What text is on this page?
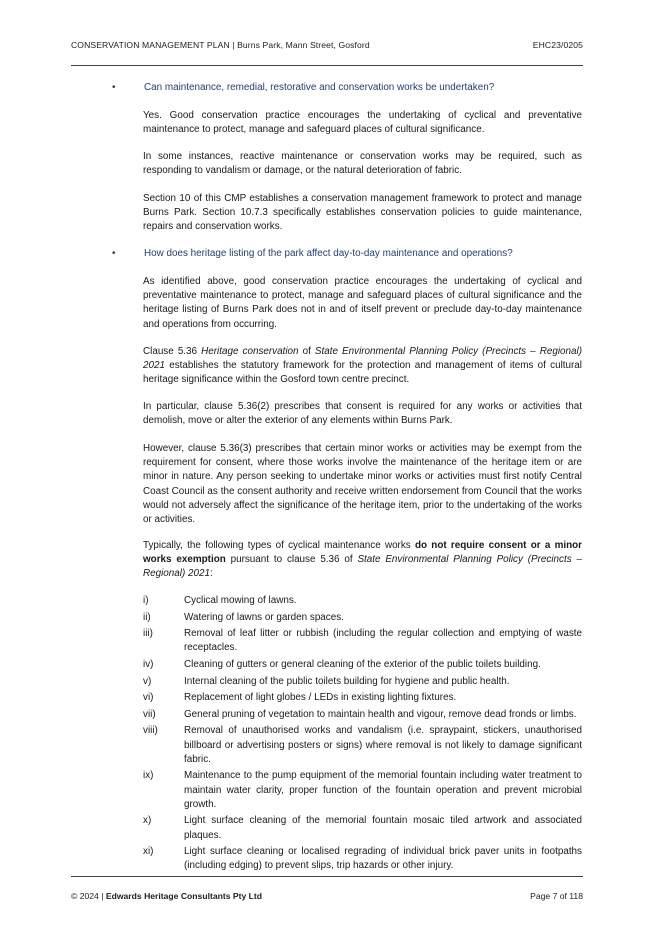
CONSERVATION MANAGEMENT PLAN | Burns Park, Mann Street, Gosford	EHC23/0205
•	Can maintenance, remedial, restorative and conservation works be undertaken?
Yes. Good conservation practice encourages the undertaking of cyclical and preventative maintenance to protect, manage and safeguard places of cultural significance.
In some instances, reactive maintenance or conservation works may be required, such as responding to vandalism or damage, or the natural deterioration of fabric.
Section 10 of this CMP establishes a conservation management framework to protect and manage Burns Park. Section 10.7.3 specifically establishes conservation policies to guide maintenance, repairs and conservation works.
•	How does heritage listing of the park affect day-to-day maintenance and operations?
As identified above, good conservation practice encourages the undertaking of cyclical and preventative maintenance to protect, manage and safeguard places of cultural significance and the heritage listing of Burns Park does not in and of itself prevent or preclude day-to-day maintenance and operations from occurring.
Clause 5.36 Heritage conservation of State Environmental Planning Policy (Precincts – Regional) 2021 establishes the statutory framework for the protection and management of items of cultural heritage significance within the Gosford town centre precinct.
In particular, clause 5.36(2) prescribes that consent is required for any works or activities that demolish, move or alter the exterior of any elements within Burns Park.
However, clause 5.36(3) prescribes that certain minor works or activities may be exempt from the requirement for consent, where those works involve the maintenance of the heritage item or are minor in nature. Any person seeking to undertake minor works or activities must first notify Central Coast Council as the consent authority and receive written endorsement from Council that the works would not adversely affect the significance of the heritage item, prior to the undertaking of the works or activities.
Typically, the following types of cyclical maintenance works do not require consent or a minor works exemption pursuant to clause 5.36 of State Environmental Planning Policy (Precincts – Regional) 2021:
i)	Cyclical mowing of lawns.
ii)	Watering of lawns or garden spaces.
iii)	Removal of leaf litter or rubbish (including the regular collection and emptying of waste receptacles.
iv)	Cleaning of gutters or general cleaning of the exterior of the public toilets building.
v)	Internal cleaning of the public toilets building for hygiene and public health.
vi)	Replacement of light globes / LEDs in existing lighting fixtures.
vii)	General pruning of vegetation to maintain health and vigour, remove dead fronds or limbs.
viii)	Removal of unauthorised works and vandalism (i.e. spraypaint, stickers, unauthorised billboard or advertising posters or signs) where removal is not likely to damage significant fabric.
ix)	Maintenance to the pump equipment of the memorial fountain including water treatment to maintain water clarity, proper function of the fountain operation and prevent microbial growth.
x)	Light surface cleaning of the memorial fountain mosaic tiled artwork and associated plaques.
xi)	Light surface cleaning or localised regrading of individual brick paver units in footpaths (including edging) to prevent slips, trip hazards or other injury.
© 2024 | Edwards Heritage Consultants Pty Ltd	Page 7 of 118
